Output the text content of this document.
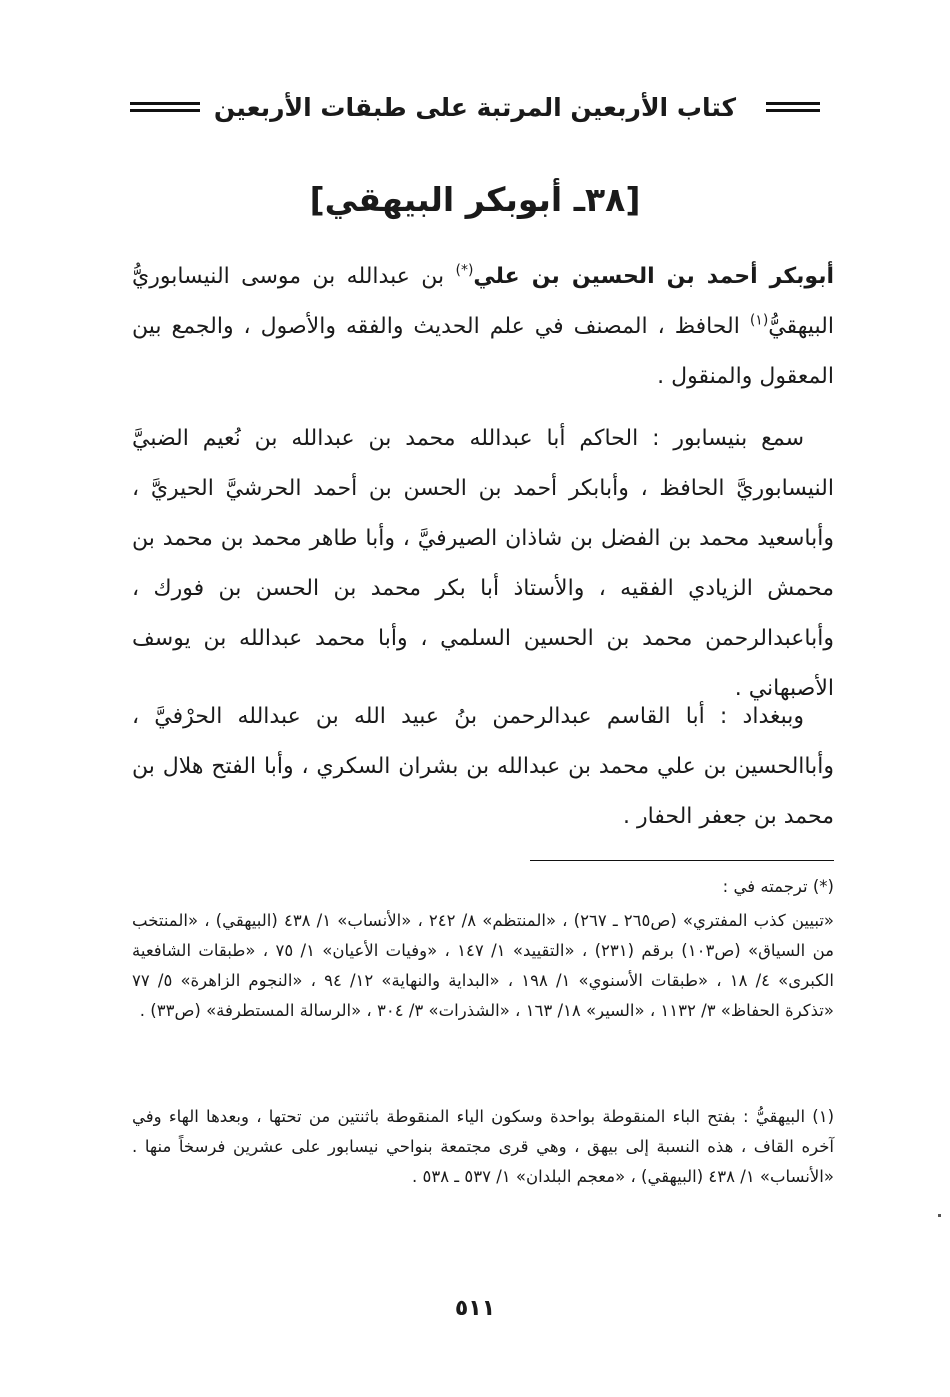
كتاب الأربعين المرتبة على طبقات الأربعين
[٣٨ـ أبوبكر البيهقي]
أبوبكر أحمد بن الحسين بن علي(*) بن عبدالله بن موسى النيسابوريُّ البيهقيُّ$^{(١)}$ الحافظ ، المصنف في علم الحديث والفقه والأصول ، والجمع بين المعقول والمنقول .
سمع بنيسابور : الحاكم أبا عبدالله محمد بن عبدالله بن نُعيم الضبيَّ النيسابوريَّ الحافظ ، وأبابكر أحمد بن الحسن بن أحمد الحرشيَّ الحيريَّ ، وأباسعيد محمد بن الفضل بن شاذان الصيرفيَّ ، وأبا طاهر محمد بن محمد بن محمش الزيادي الفقيه ، والأستاذ أبا بكر محمد بن الحسن بن فورك ، وأباعبدالرحمن محمد بن الحسين السلمي ، وأبا محمد عبدالله بن يوسف الأصبهاني .
وببغداد : أبا القاسم عبدالرحمن بنُ عبيد الله بن عبدالله الحرْفيَّ ، وأباالحسين بن علي محمد بن عبدالله بن بشران السكري ، وأبا الفتح هلال بن محمد بن جعفر الحفار .
(*) ترجمته في :
«تبيين كذب المفتري» (ص٢٦٥ ـ ٢٦٧) ، «المنتظم» ٨/ ٢٤٢ ، «الأنساب» ١/ ٤٣٨ (البيهقي) ، «المنتخب من السياق» (ص١٠٣) برقم (٢٣١) ، «التقييد» ١/ ١٤٧ ، «وفيات الأعيان» ١/ ٧٥ ، «طبقات الشافعية الكبرى» ٤/ ١٨ ، «طبقات الأسنوي» ١/ ١٩٨ ، «البداية والنهاية» ١٢/ ٩٤ ، «النجوم الزاهرة» ٥/ ٧٧ «تذكرة الحفاظ» ٣/ ١١٣٢ ، «السير» ١٨/ ١٦٣ ، «الشذرات» ٣/ ٣٠٤ ، «الرسالة المستطرفة» (ص٣٣) .
(١) البيهقيُّ : بفتح الباء المنقوطة بواحدة وسكون الياء المنقوطة باثنتين من تحتها ، وبعدها الهاء وفي آخره القاف ، هذه النسبة إلى بيهق ، وهي قرى مجتمعة بنواحي نيسابور على عشرين فرسخاً منها . «الأنساب» ١/ ٤٣٨ (البيهقي) ، «معجم البلدان» ١/ ٥٣٧ ـ ٥٣٨ .
٥١١
